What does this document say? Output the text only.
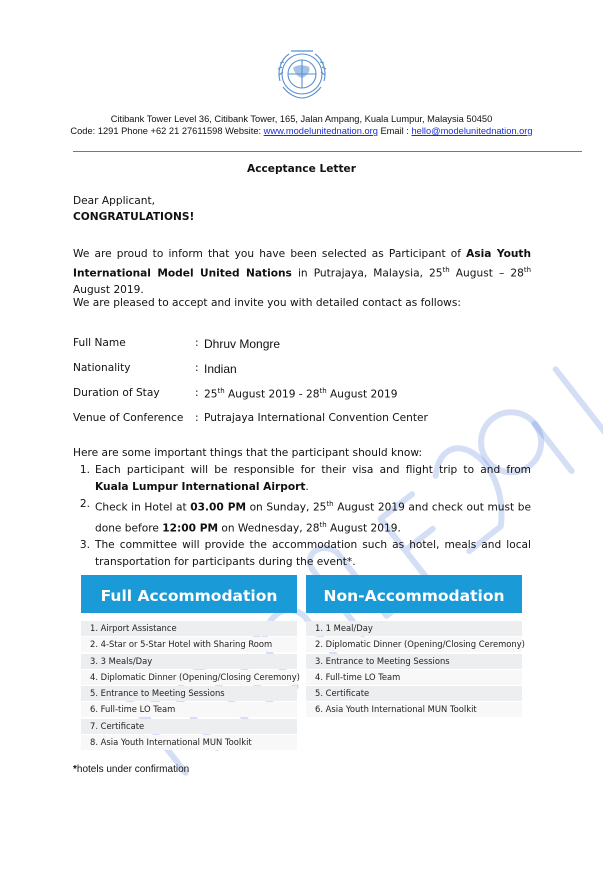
Citibank Tower Level 36, Citibank Tower, 165, Jalan Ampang, Kuala Lumpur, Malaysia 50450
Code: 1291 Phone +62 21 27611598 Website: www.modelunitednation.org Email : hello@modelunitednation.org
Acceptance Letter
Dear Applicant,
CONGRATULATIONS!
We are proud to inform that you have been selected as Participant of Asia Youth International Model United Nations in Putrajaya, Malaysia, 25th August – 28th August 2019.
We are pleased to accept and invite you with detailed contact as follows:
Full Name	: Dhruv Mongre
Nationality	: Indian
Duration of Stay	: 25th August 2019 - 28th August 2019
Venue of Conference : Putrajaya International Convention Center
Here are some important things that the participant should know:
1. Each participant will be responsible for their visa and flight trip to and from Kuala Lumpur International Airport.
2. Check in Hotel at 03.00 PM on Sunday, 25th August 2019 and check out must be done before 12:00 PM on Wednesday, 28th August 2019.
3. The committee will provide the accommodation such as hotel, meals and local transportation for participants during the event*.
Full Accommodation
1. Airport Assistance
2. 4-Star or 5-Star Hotel with Sharing Room
3. 3 Meals/Day
4. Diplomatic Dinner (Opening/Closing Ceremony)
5. Entrance to Meeting Sessions
6. Full-time LO Team
7. Certificate
8. Asia Youth International MUN Toolkit
Non-Accommodation
1. 1 Meal/Day
2. Diplomatic Dinner (Opening/Closing Ceremony)
3. Entrance to Meeting Sessions
4. Full-time LO Team
5. Certificate
6. Asia Youth International MUN Toolkit
*hotels under confirmation
